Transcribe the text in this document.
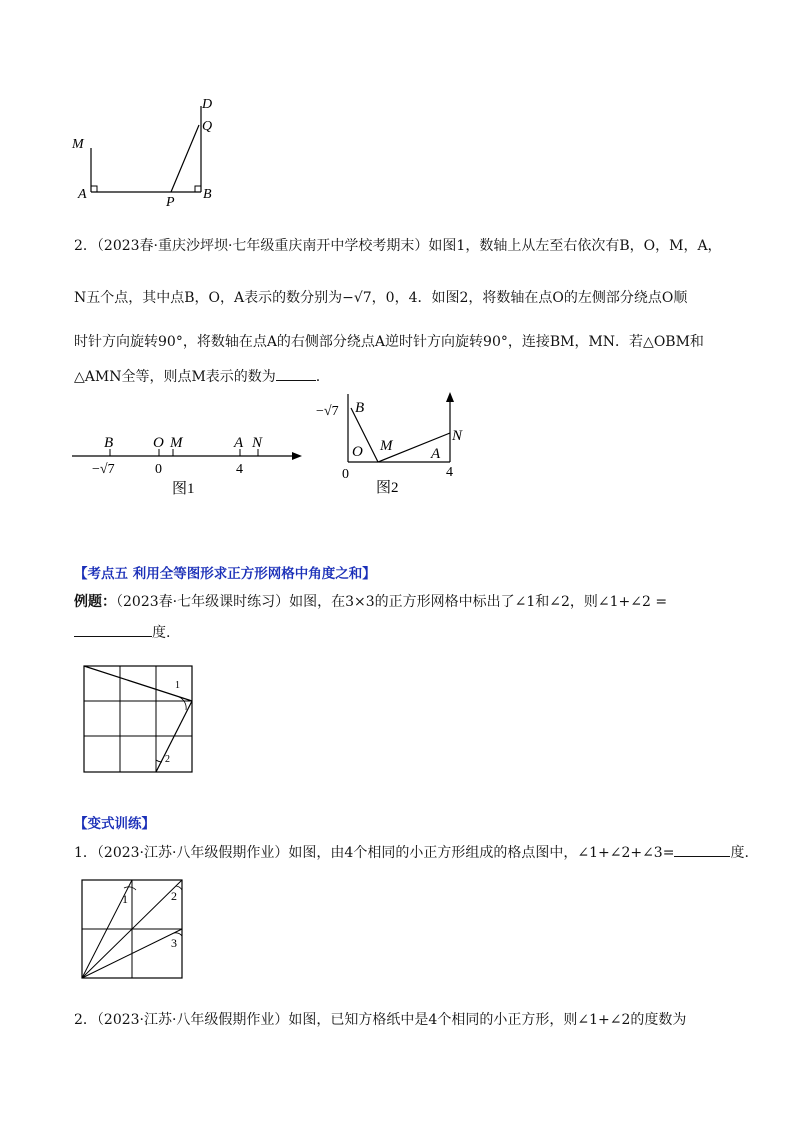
M
A
P
B
D
Q
2．（2023春·重庆沙坪坝·七年级重庆南开中学校考期末）如图1，数轴上从左至右依次有B，O，M，A，
N五个点，其中点B，O，A表示的数分别为−√7，0，4．如图2，将数轴在点O的左侧部分绕点O顺
时针方向旋转90°，将数轴在点A的右侧部分绕点A逆时针方向旋转90°，连接BM，MN．若△OBM和
△AMN全等，则点M表示的数为	.
B	O M	A N
−√7	0	4
图1
−√7 B
O M	A
N
0	4
图2
【考点五 利用全等图形求正方形网格中角度之和】
例题：（2023春·七年级课时练习）如图，在3×3的正方形网格中标出了∠1和∠2，则∠1+∠2 =
度.
1
2
【变式训练】
1．（2023·江苏·八年级假期作业）如图，由4个相同的小正方形组成的格点图中，∠1+∠2+∠3=	度.
1	2
3
2．（2023·江苏·八年级假期作业）如图，已知方格纸中是4个相同的小正方形，则∠1+∠2的度数为
